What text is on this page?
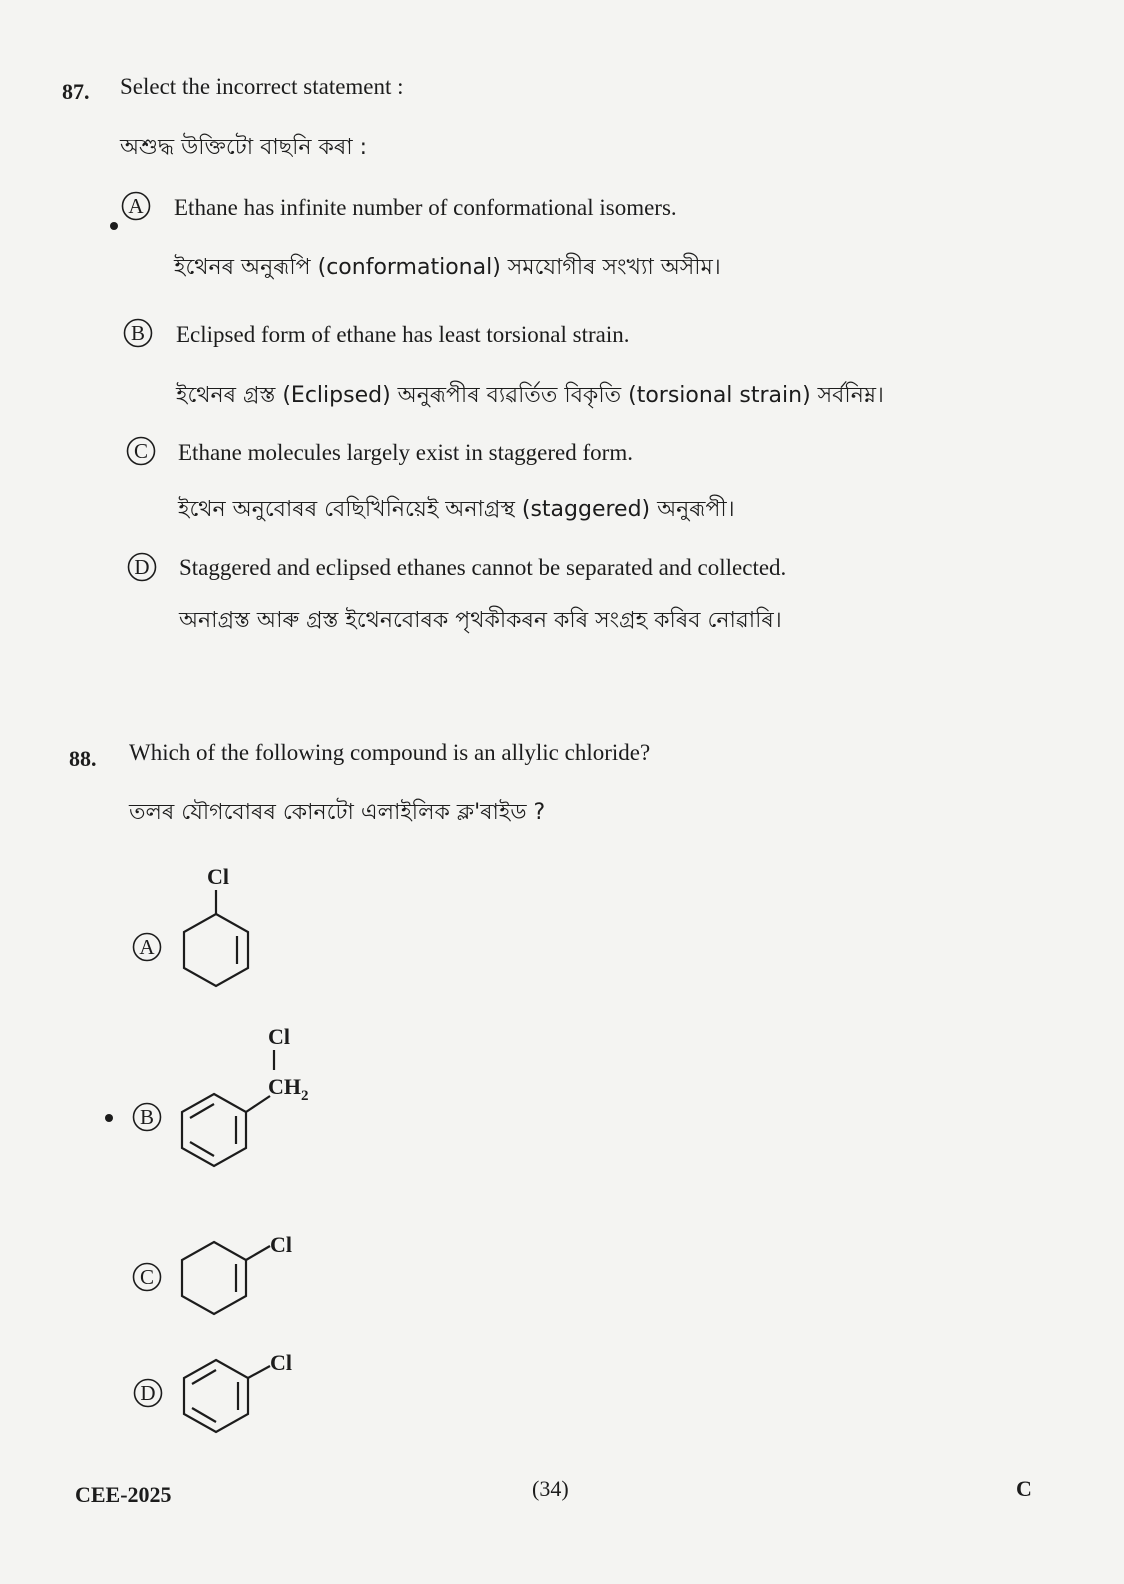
87. Select the incorrect statement :
অশুদ্ধ উক্তিটো বাছনি কৰা :
A Ethane has infinite number of conformational isomers.
ইথেনৰ অনুৰূপি (conformational) সমযোগীৰ সংখ্যা অসীম।
B Eclipsed form of ethane has least torsional strain.
ইথেনৰ গ্ৰস্ত (Eclipsed) অনুৰূপীৰ ব্যৱৰ্তিত বিকৃতি (torsional strain) সৰ্বনিম্ন।
C Ethane molecules largely exist in staggered form.
ইথেন অনুবোৰৰ বেছিখিনিয়েই অনাগ্ৰস্থ (staggered) অনুৰূপী।
D Staggered and eclipsed ethanes cannot be separated and collected.
অনাগ্ৰস্ত আৰু গ্ৰস্ত ইথেনবোৰক পৃথকীকৰন কৰি সংগ্ৰহ কৰিব নোৱাৰি।
88. Which of the following compound is an allylic chloride?
তলৰ যৌগবোৰৰ কোনটো এলাইলিক ক্ল'ৰাইড ?
A
Cl
B
Cl
$CH_2$
C
Cl
D
Cl
CEE-2025	(34)	C
